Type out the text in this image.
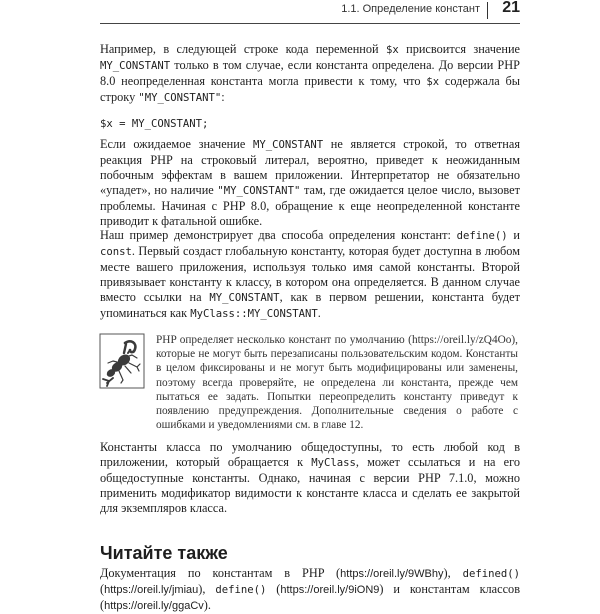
1.1. Определение констант 21

Например, в следующей строке кода переменной $x присвоится значение MY_CONSTANT только в том случае, если константа определена. До версии PHP 8.0 неопределенная константа могла привести к тому, что $x содержала бы строку "MY_CONSTANT":

$x = MY_CONSTANT;

Если ожидаемое значение MY_CONSTANT не является строкой, то ответная реакция PHP на строковый литерал, вероятно, приведет к неожиданным побочным эффектам в вашем приложении. Интерпретатор не обязательно «упадет», но наличие "MY_CONSTANT" там, где ожидается целое число, вызовет проблемы. Начиная с PHP 8.0, обращение к еще неопределенной константе приводит к фатальной ошибке.

Наш пример демонстрирует два способа определения констант: define() и const. Первый создаст глобальную константу, которая будет доступна в любом месте вашего приложения, используя только имя самой константы. Второй привязывает константу к классу, в котором она определяется. В данном случае вместо ссылки на MY_CONSTANT, как в первом решении, константа будет упоминаться как MyClass::MY_CONSTANT.

PHP определяет несколько констант по умолчанию (https://oreil.ly/zQ4Oo), которые не могут быть перезаписаны пользовательским кодом. Константы в целом фиксированы и не могут быть модифицированы или заменены, поэтому всегда проверяйте, не определена ли константа, прежде чем пытаться ее задать. Попытки переопределить константу приведут к появлению предупреждения. Дополнительные сведения о работе с ошибками и уведомлениями см. в главе 12.

Константы класса по умолчанию общедоступны, то есть любой код в приложении, который обращается к MyClass, может ссылаться и на его общедоступные константы. Однако, начиная с версии PHP 7.1.0, можно применить модификатор видимости к константе класса и сделать ее закрытой для экземпляров класса.

Читайте также

Документация по константам в PHP (https://oreil.ly/9WBhy), defined() (https://oreil.ly/jmiau), define() (https://oreil.ly/9iON9) и константам классов (https://oreil.ly/ggaCv).
